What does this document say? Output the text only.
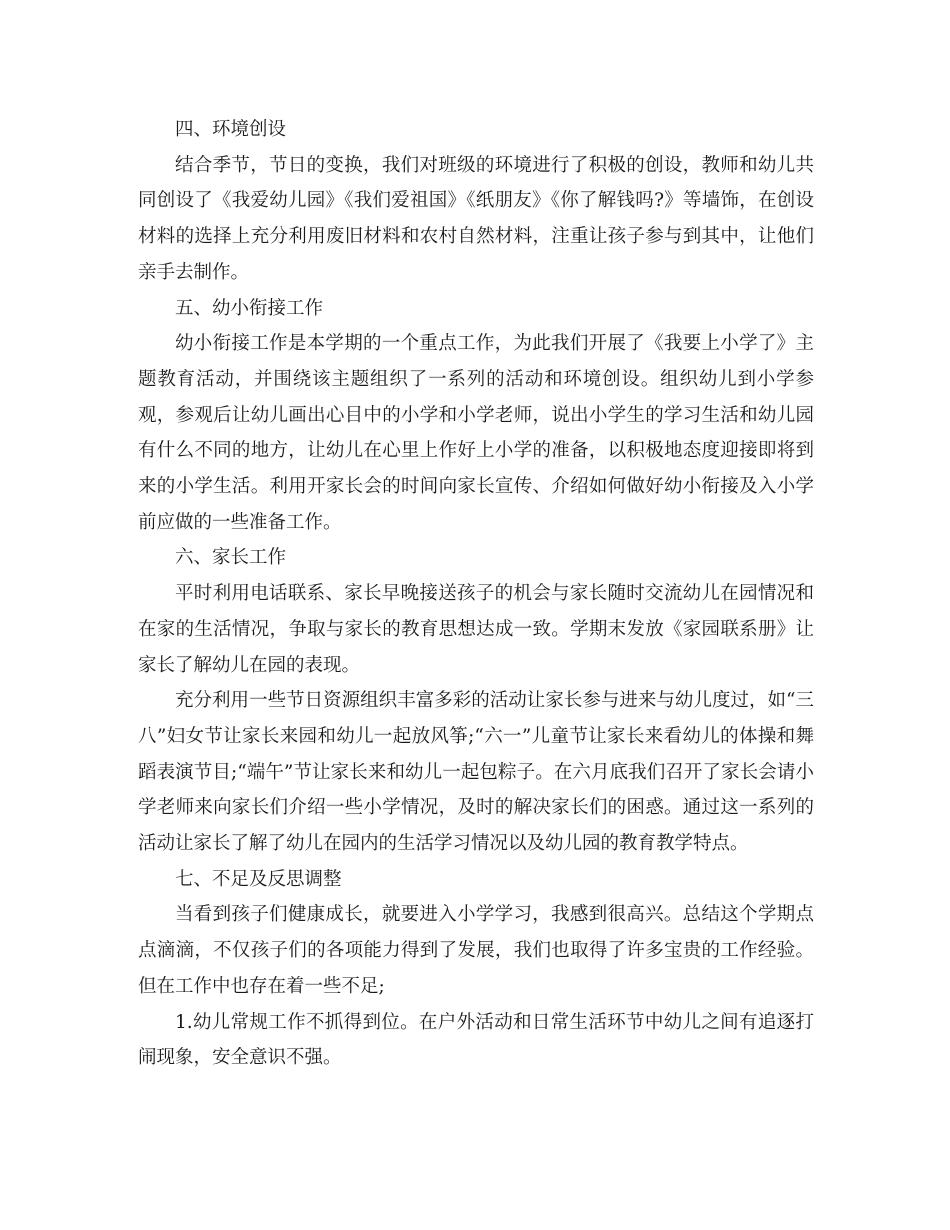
四、环境创设

结合季节，节日的变换，我们对班级的环境进行了积极的创设，教师和幼儿共同创设了《我爱幼儿园》《我们爱祖国》《纸朋友》《你了解钱吗?》等墙饰，在创设材料的选择上充分利用废旧材料和农村自然材料，注重让孩子参与到其中，让他们亲手去制作。

五、幼小衔接工作

幼小衔接工作是本学期的一个重点工作，为此我们开展了《我要上小学了》主题教育活动，并围绕该主题组织了一系列的活动和环境创设。组织幼儿到小学参观，参观后让幼儿画出心目中的小学和小学老师，说出小学生的学习生活和幼儿园有什么不同的地方，让幼儿在心里上作好上小学的准备，以积极地态度迎接即将到来的小学生活。利用开家长会的时间向家长宣传、介绍如何做好幼小衔接及入小学前应做的一些准备工作。

六、家长工作

平时利用电话联系、家长早晚接送孩子的机会与家长随时交流幼儿在园情况和在家的生活情况，争取与家长的教育思想达成一致。学期末发放《家园联系册》让家长了解幼儿在园的表现。

充分利用一些节日资源组织丰富多彩的活动让家长参与进来与幼儿度过，如“三八”妇女节让家长来园和幼儿一起放风筝;“六一”儿童节让家长来看幼儿的体操和舞蹈表演节目;“端午”节让家长来和幼儿一起包粽子。在六月底我们召开了家长会请小学老师来向家长们介绍一些小学情况，及时的解决家长们的困惑。通过这一系列的活动让家长了解了幼儿在园内的生活学习情况以及幼儿园的教育教学特点。

七、不足及反思调整

当看到孩子们健康成长，就要进入小学学习，我感到很高兴。总结这个学期点点滴滴，不仅孩子们的各项能力得到了发展，我们也取得了许多宝贵的工作经验。但在工作中也存在着一些不足;

1.幼儿常规工作不抓得到位。在户外活动和日常生活环节中幼儿之间有追逐打闹现象，安全意识不强。
